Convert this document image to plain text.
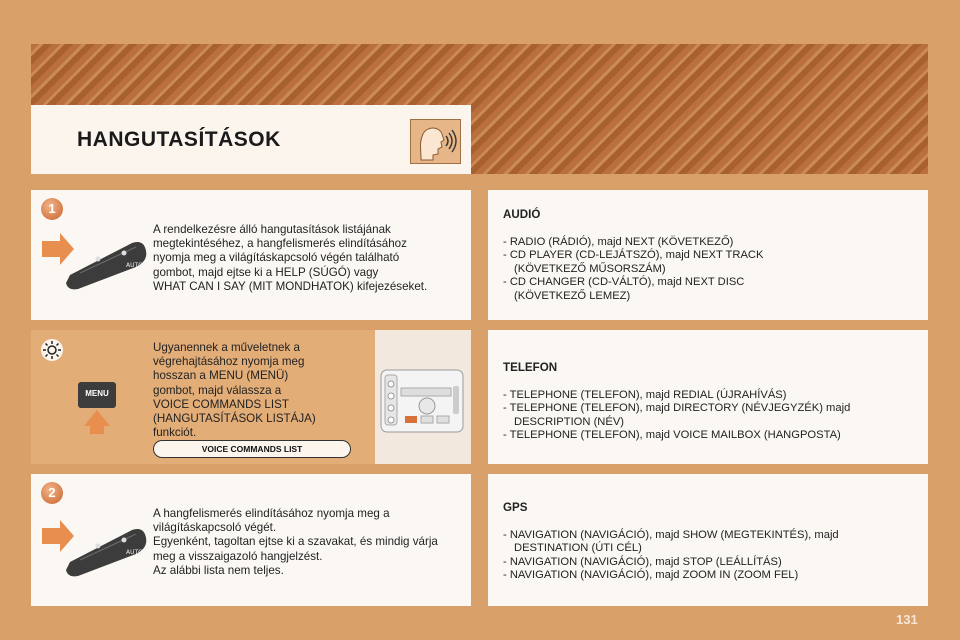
HANGUTASÍTÁSOK
1
AUTO
A rendelkezésre álló hangutasítások listájának
megtekintéséhez, a hangfelismerés elindításához
nyomja meg a világításkapcsoló végén található
gombot, majd ejtse ki a HELP (SÚGÓ) vagy
WHAT CAN I SAY (MIT MONDHATOK) kifejezéseket.
MENU
Ugyanennek a műveletnek a
végrehajtásához nyomja meg
hosszan a MENU (MENÜ)
gombot, majd válassza a
VOICE COMMANDS LIST
(HANGUTASÍTÁSOK LISTÁJA)
funkciót.
VOICE COMMANDS LIST
2
AUTO
A hangfelismerés elindításához nyomja meg a
világításkapcsoló végét.
Egyenként, tagoltan ejtse ki a szavakat, és mindig várja
meg a visszaigazoló hangjelzést.
Az alábbi lista nem teljes.
AUDIÓ
- RADIO (RÁDIÓ), majd NEXT (KÖVETKEZŐ)
- CD PLAYER (CD-LEJÁTSZÓ), majd NEXT TRACK
(KÖVETKEZŐ MŰSORSZÁM)
- CD CHANGER (CD-VÁLTÓ), majd NEXT DISC
(KÖVETKEZŐ LEMEZ)
TELEFON
- TELEPHONE (TELEFON), majd REDIAL (ÚJRAHÍVÁS)
- TELEPHONE (TELEFON), majd DIRECTORY (NÉVJEGYZÉK) majd
DESCRIPTION (NÉV)
- TELEPHONE (TELEFON), majd VOICE MAILBOX (HANGPOSTA)
GPS
- NAVIGATION (NAVIGÁCIÓ), majd SHOW (MEGTEKINTÉS), majd
DESTINATION (ÚTI CÉL)
- NAVIGATION (NAVIGÁCIÓ), majd STOP (LEÁLLÍTÁS)
- NAVIGATION (NAVIGÁCIÓ), majd ZOOM IN (ZOOM FEL)
131
